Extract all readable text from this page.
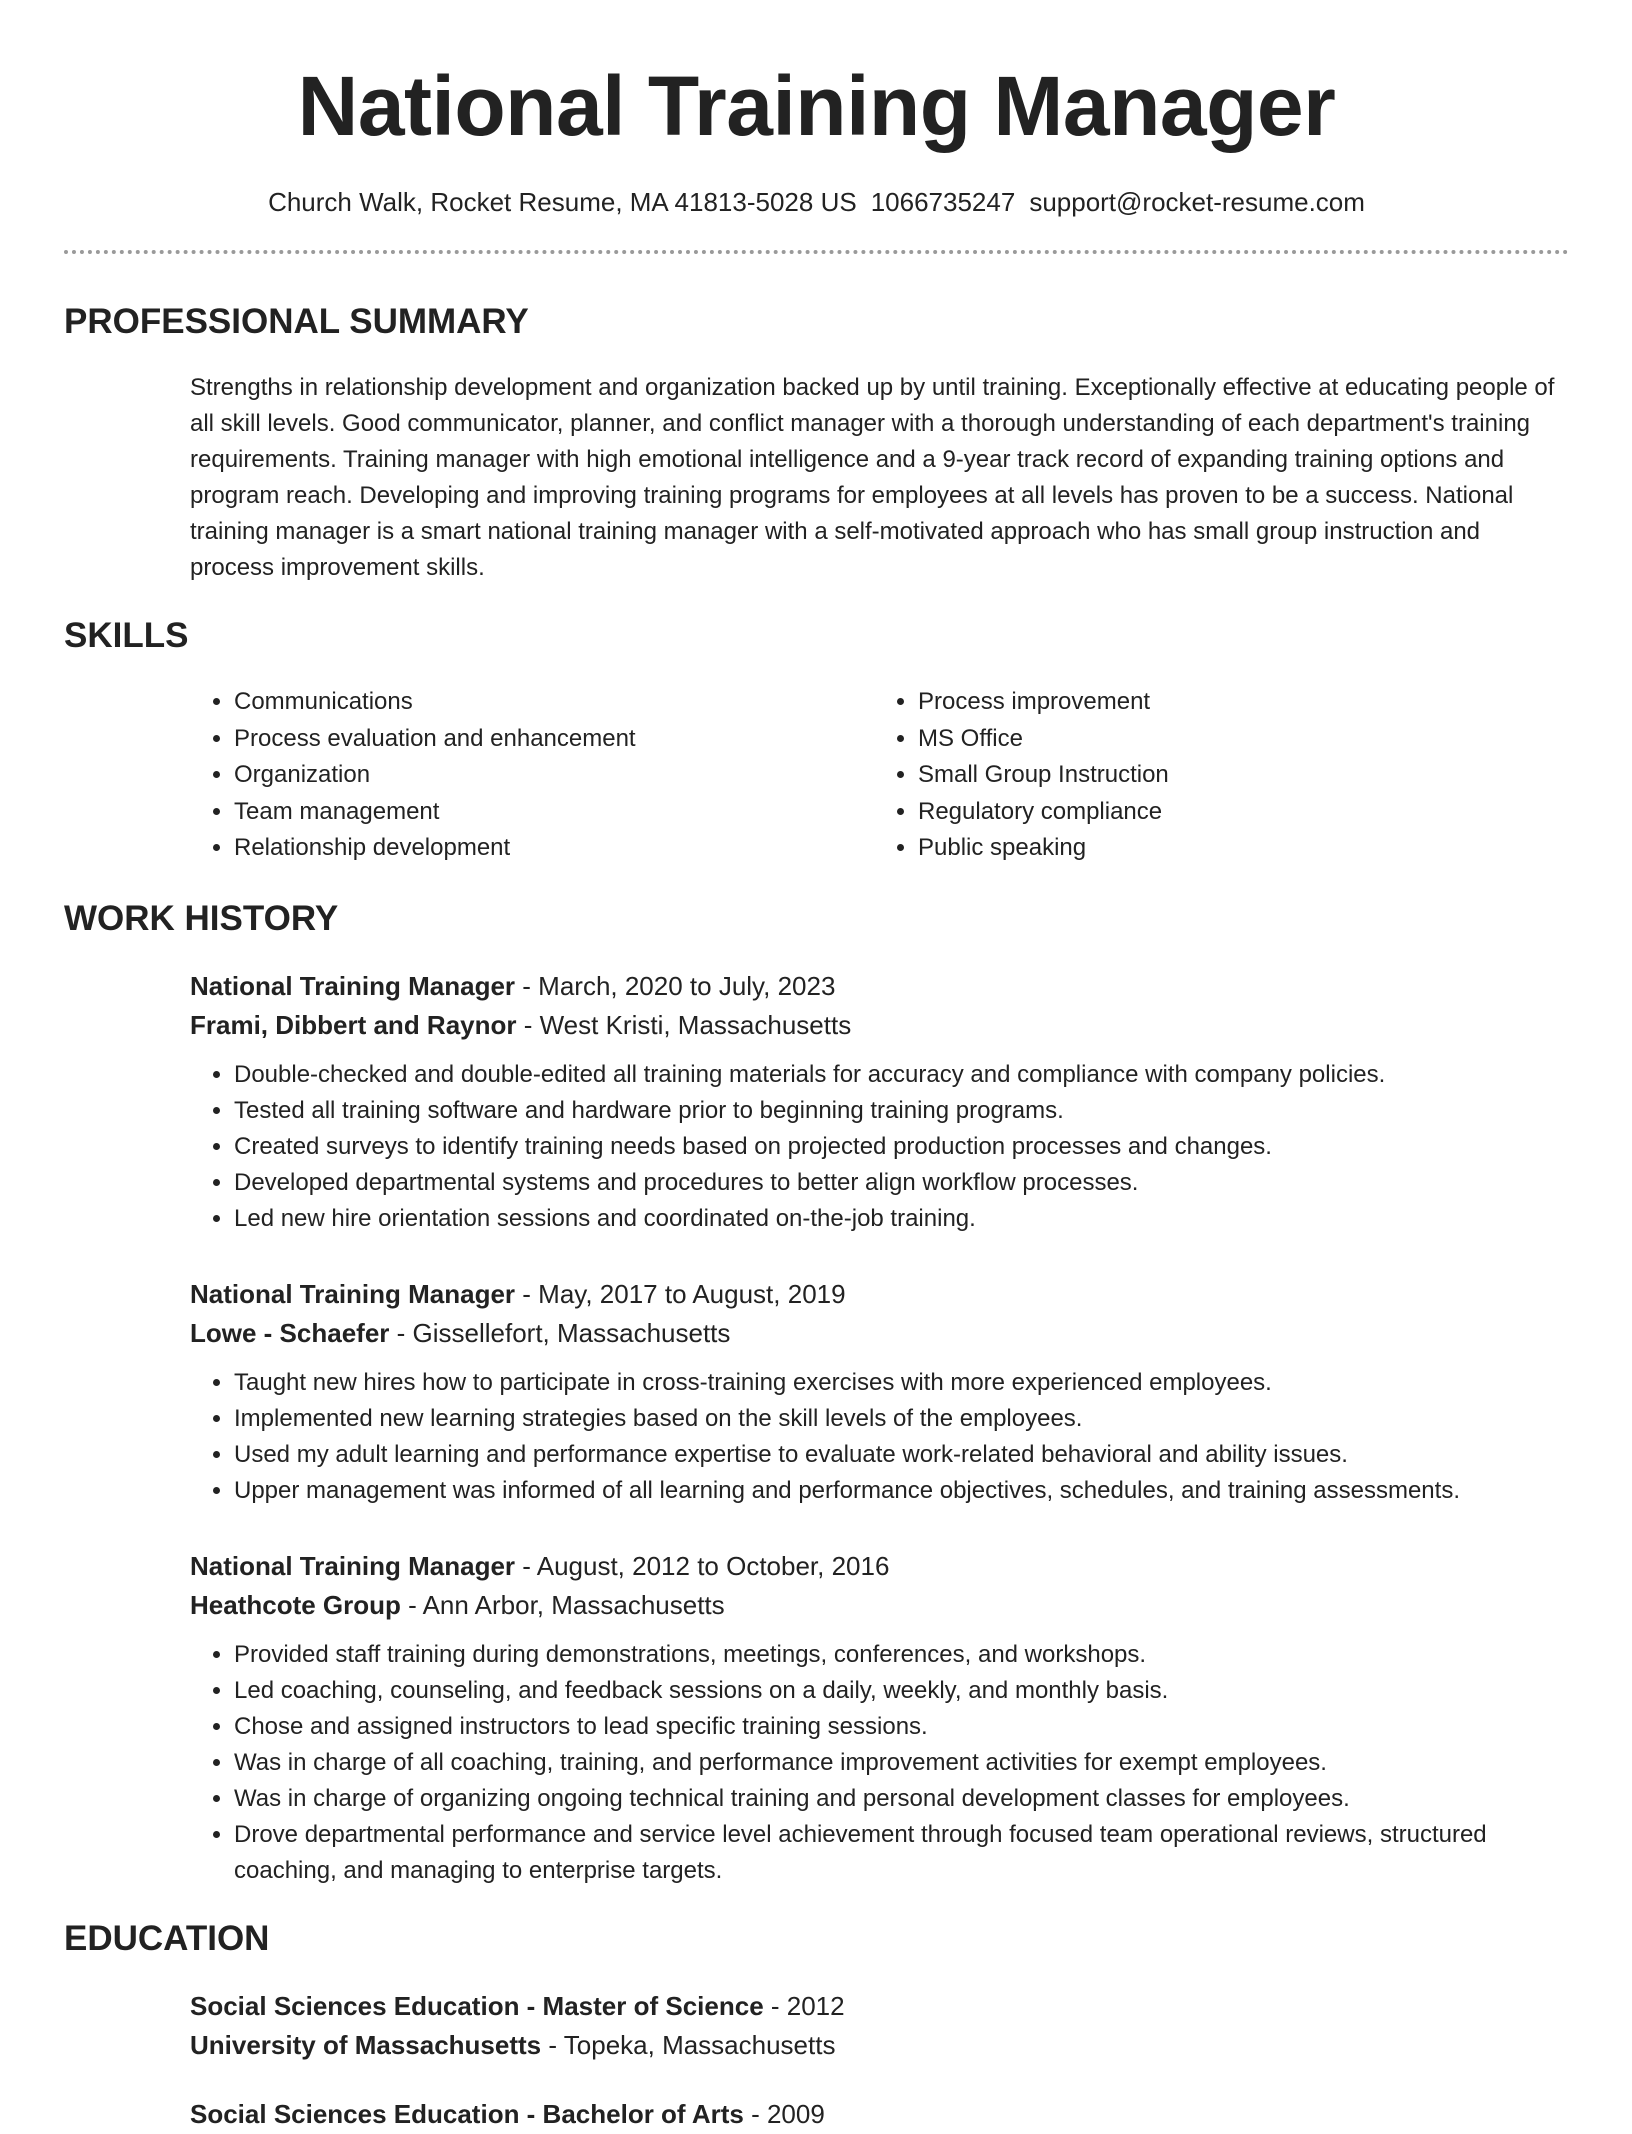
National Training Manager
Church Walk, Rocket Resume, MA 41813-5028 US 1066735247 support@rocket-resume.com
PROFESSIONAL SUMMARY

Strengths in relationship development and organization backed up by until training. Exceptionally effective at educating people of all skill levels. Good communicator, planner, and conflict manager with a thorough understanding of each department's training requirements. Training manager with high emotional intelligence and a 9-year track record of expanding training options and program reach. Developing and improving training programs for employees at all levels has proven to be a success. National training manager is a smart national training manager with a self-motivated approach who has small group instruction and process improvement skills.

SKILLS
• Communications
• Process evaluation and enhancement
• Organization
• Team management
• Relationship development
• Process improvement
• MS Office
• Small Group Instruction
• Regulatory compliance
• Public speaking
WORK HISTORY
National Training Manager - March, 2020 to July, 2023
Frami, Dibbert and Raynor - West Kristi, Massachusetts
• Double-checked and double-edited all training materials for accuracy and compliance with company policies.
• Tested all training software and hardware prior to beginning training programs.
• Created surveys to identify training needs based on projected production processes and changes.
• Developed departmental systems and procedures to better align workflow processes.
• Led new hire orientation sessions and coordinated on-the-job training.
National Training Manager - May, 2017 to August, 2019
Lowe - Schaefer - Gissellefort, Massachusetts
• Taught new hires how to participate in cross-training exercises with more experienced employees.
• Implemented new learning strategies based on the skill levels of the employees.
• Used my adult learning and performance expertise to evaluate work-related behavioral and ability issues.
• Upper management was informed of all learning and performance objectives, schedules, and training assessments.
National Training Manager - August, 2012 to October, 2016
Heathcote Group - Ann Arbor, Massachusetts
• Provided staff training during demonstrations, meetings, conferences, and workshops.
• Led coaching, counseling, and feedback sessions on a daily, weekly, and monthly basis.
• Chose and assigned instructors to lead specific training sessions.
• Was in charge of all coaching, training, and performance improvement activities for exempt employees.
• Was in charge of organizing ongoing technical training and personal development classes for employees.
• Drove departmental performance and service level achievement through focused team operational reviews, structured coaching, and managing to enterprise targets.
EDUCATION
Social Sciences Education - Master of Science - 2012
University of Massachusetts - Topeka, Massachusetts
Social Sciences Education - Bachelor of Arts - 2009
